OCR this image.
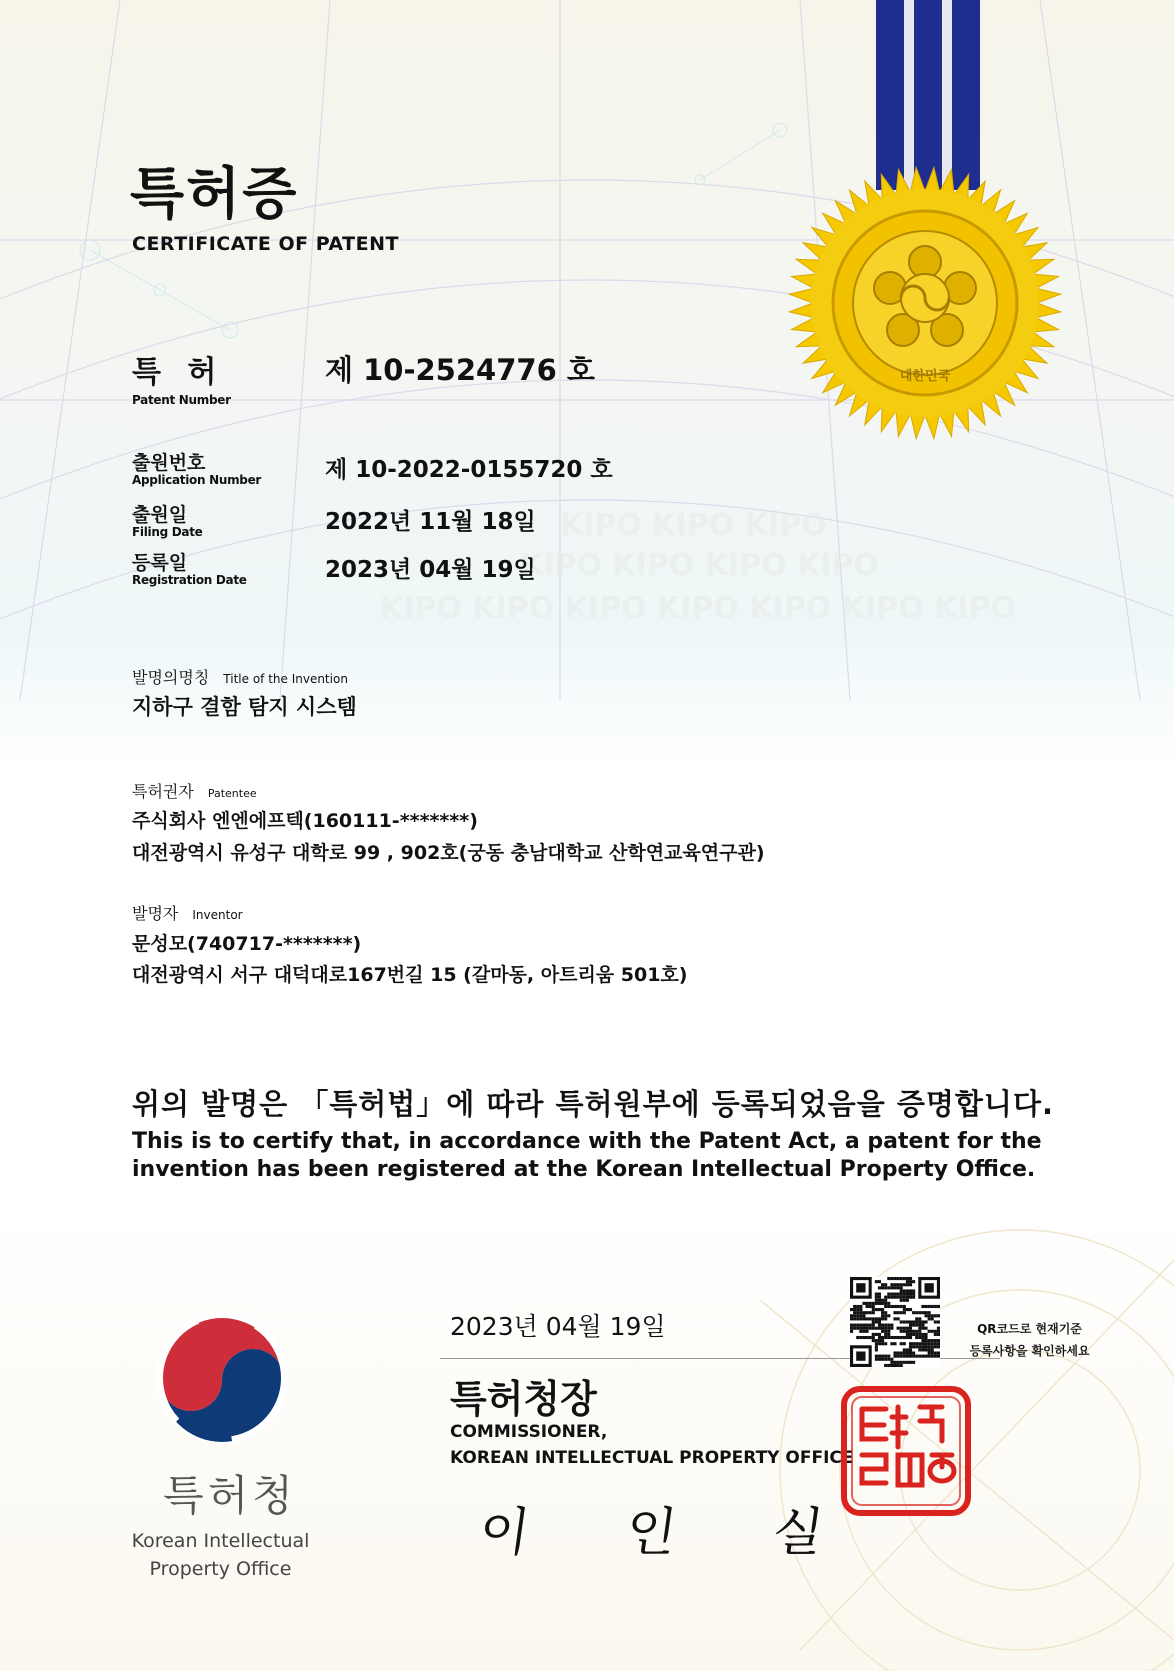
KIPO KIPO KIPO
KIPO KIPO KIPO KIPO
KIPO KIPO KIPO KIPO KIPO KIPO KIPO
대한민국
특허증
CERTIFICATE OF PATENT
특 허
Patent Number
제 10-2524776 호
출원번호
Application Number	제 10-2022-0155720 호
출원일
Filing Date	2022년 11월 18일
등록일
Registration Date	2023년 04월 19일
발명의명칭 Title of the Invention
지하구 결함 탐지 시스템
특허권자 Patentee
주식회사 엔엔에프텍(160111-*******)
대전광역시 유성구 대학로 99 , 902호(궁동 충남대학교 산학연교육연구관)
발명자 Inventor
문성모(740717-*******)
대전광역시 서구 대덕대로167번길 15 (갈마동, 아트리움 501호)
위의 발명은 「특허법」에 따라 특허원부에 등록되었음을 증명합니다.
This is to certify that, in accordance with the Patent Act, a patent for the invention has been registered at the Korean Intellectual Property Office.
특허청
Korean Intellectual
Property Office
2023년 04월 19일
특허청장
COMMISSIONER,
KOREAN INTELLECTUAL PROPERTY OFFICE
이 인 실
QR코드로 현재기준
등록사항을 확인하세요
